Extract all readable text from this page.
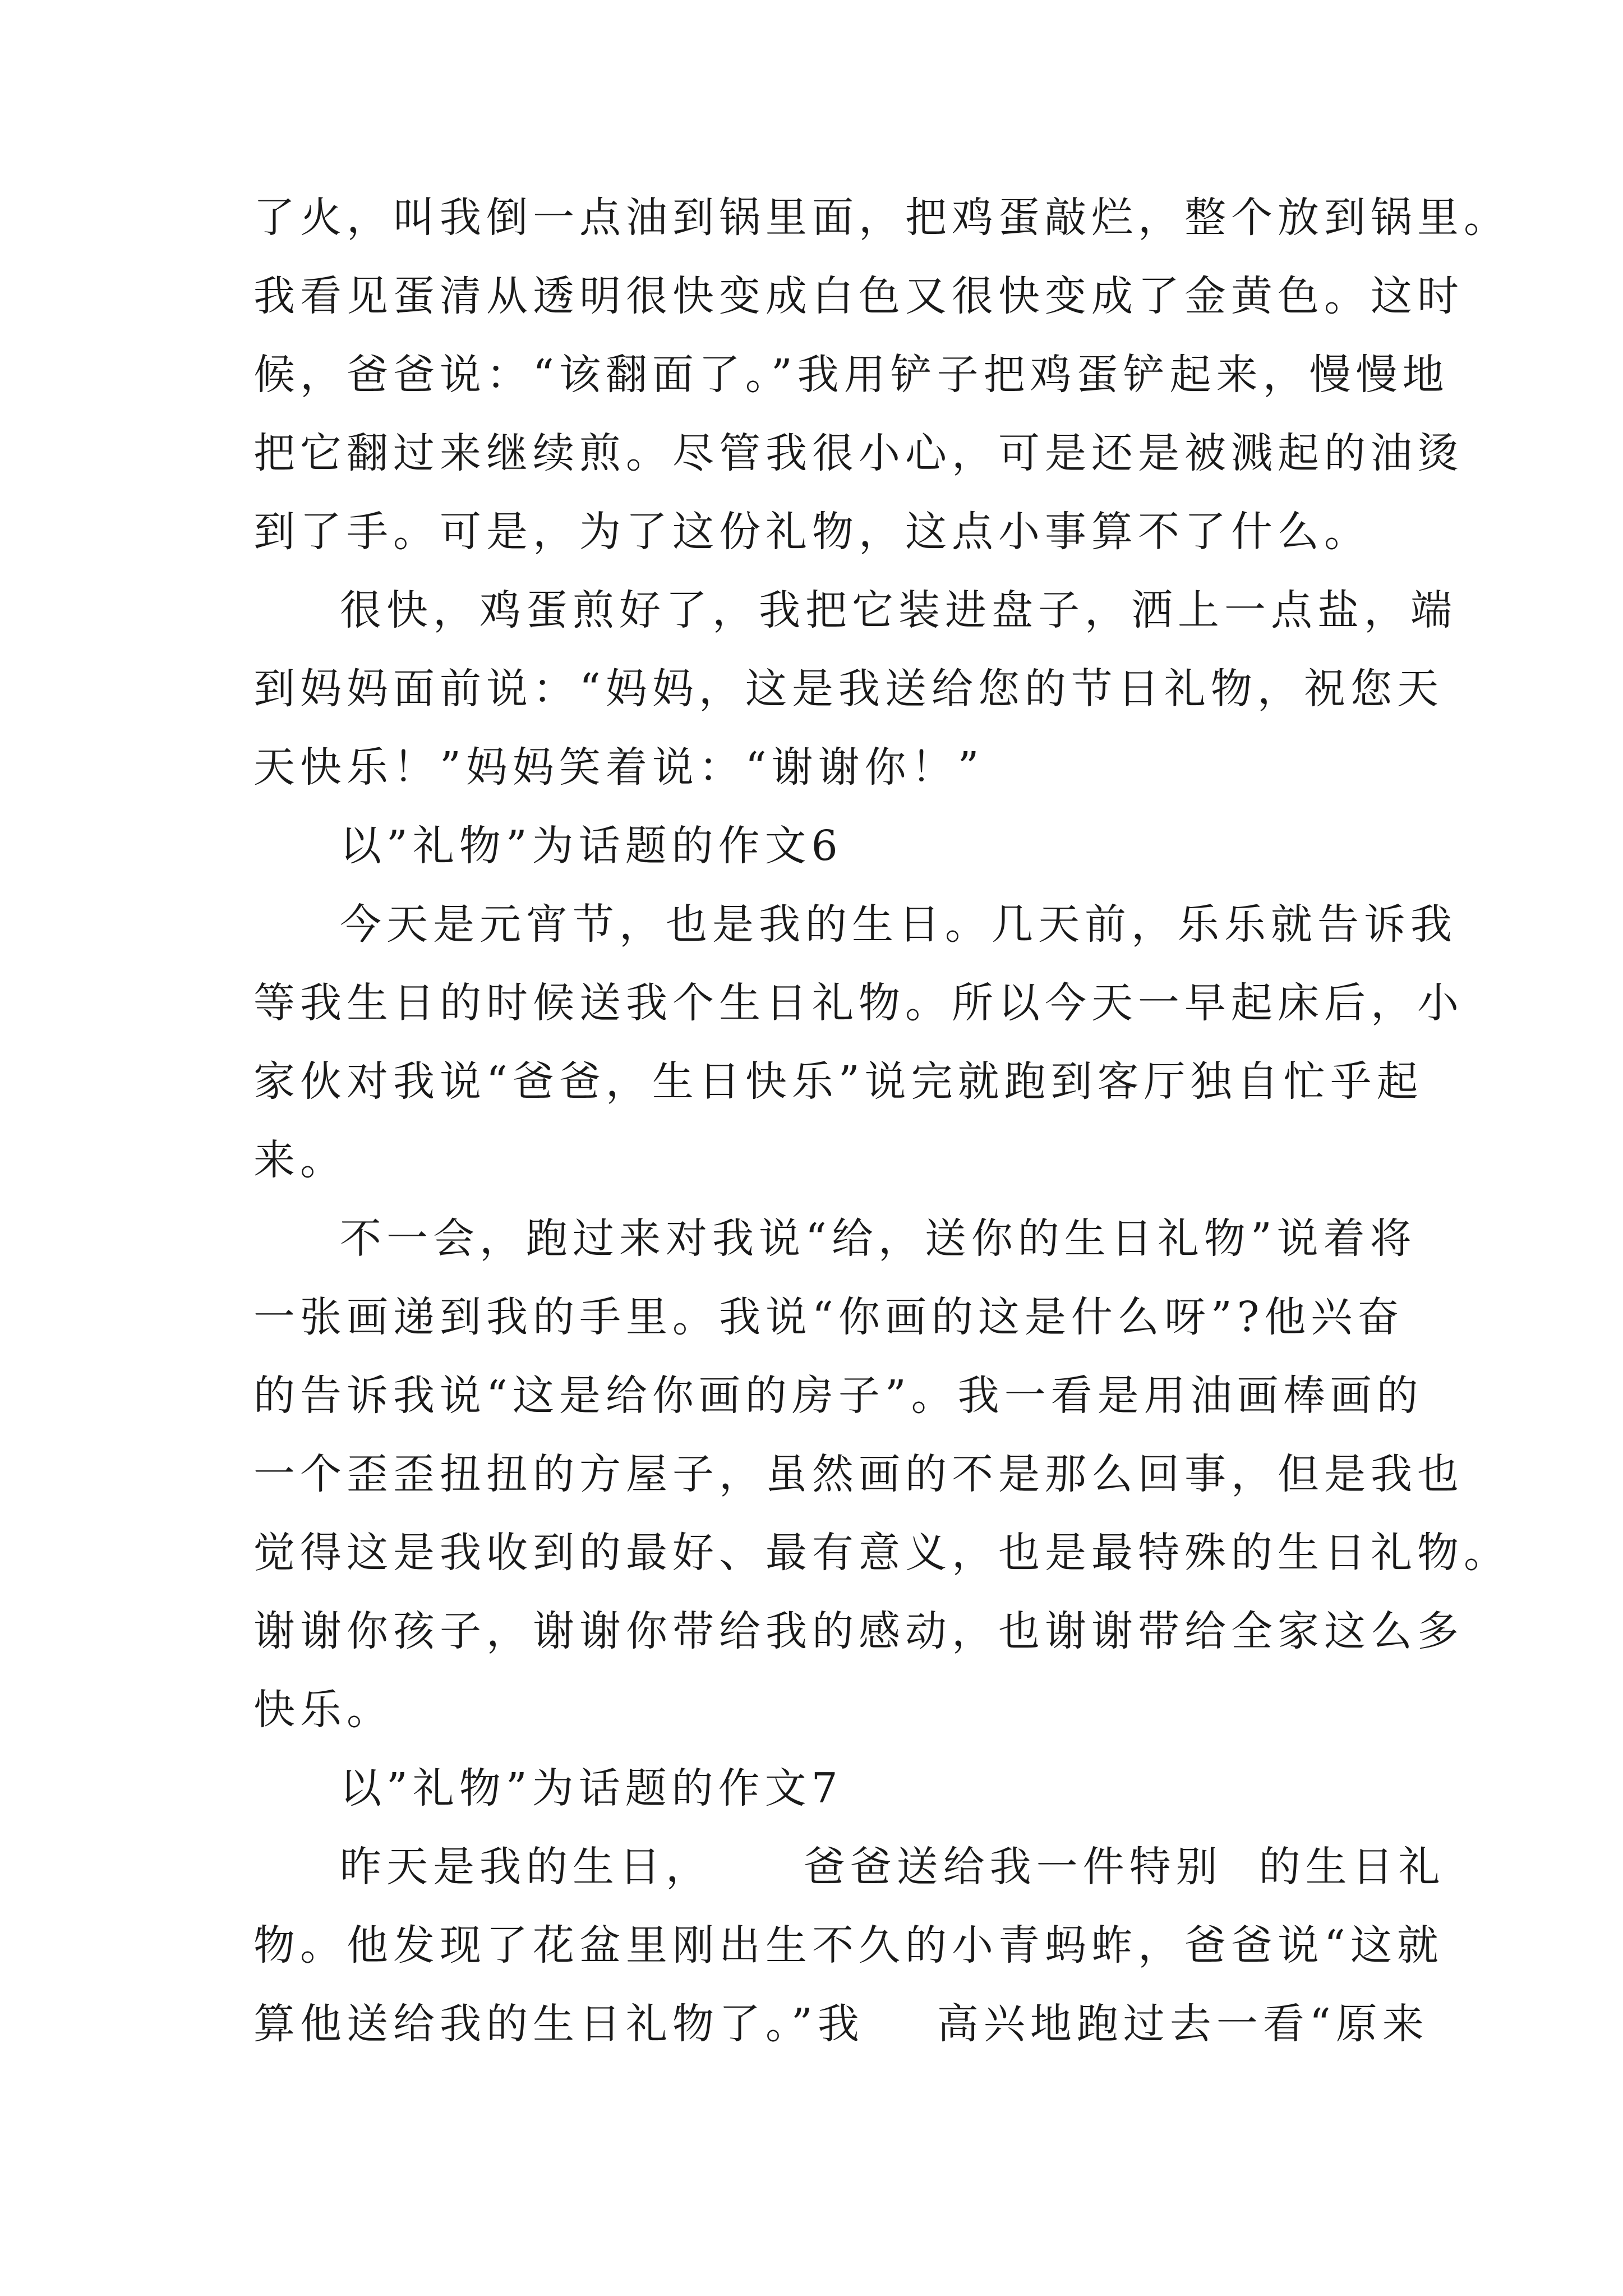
了火，叫我倒一点油到锅里面，把鸡蛋敲烂，整个放到锅里。
我看见蛋清从透明很快变成白色又很快变成了金黄色。这时
候，爸爸说：“该翻面了。”我用铲子把鸡蛋铲起来，慢慢地
把它翻过来继续煎。尽管我很小心，可是还是被溅起的油烫
到了手。可是，为了这份礼物，这点小事算不了什么。
很快，鸡蛋煎好了，我把它装进盘子，洒上一点盐，端
到妈妈面前说：“妈妈，这是我送给您的节日礼物，祝您天
天快乐！”妈妈笑着说：“谢谢你！”
以”礼物”为话题的作文6
今天是元宵节，也是我的生日。几天前，乐乐就告诉我
等我生日的时候送我个生日礼物。所以今天一早起床后，小
家伙对我说“爸爸，生日快乐”说完就跑到客厅独自忙乎起
来。
不一会，跑过来对我说“给，送你的生日礼物”说着将
一张画递到我的手里。我说“你画的这是什么呀”?他兴奋
的告诉我说“这是给你画的房子”。我一看是用油画棒画的
一个歪歪扭扭的方屋子，虽然画的不是那么回事，但是我也
觉得这是我收到的最好、最有意义，也是最特殊的生日礼物。
谢谢你孩子，谢谢你带给我的感动，也谢谢带给全家这么多
快乐。
以”礼物”为话题的作文7
昨天是我的生日，     爸爸送给我一件特别  的生日礼
物。他发现了花盆里刚出生不久的小青蚂蚱，爸爸说“这就
算他送给我的生日礼物了。”我    高兴地跑过去一看“原来
